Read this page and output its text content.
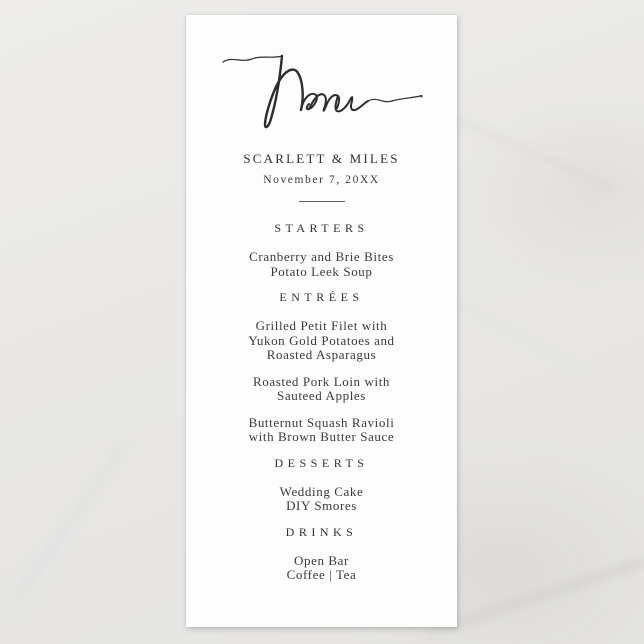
SCARLETT & MILES
November 7, 20XX
STARTERS
Cranberry and Brie Bites
Potato Leek Soup
ENTRÉES
Grilled Petit Filet with
Yukon Gold Potatoes and
Roasted Asparagus
Roasted Pork Loin with
Sauteed Apples
Butternut Squash Ravioli
with Brown Butter Sauce
DESSERTS
Wedding Cake
DIY Smores
DRINKS
Open Bar
Coffee | Tea
